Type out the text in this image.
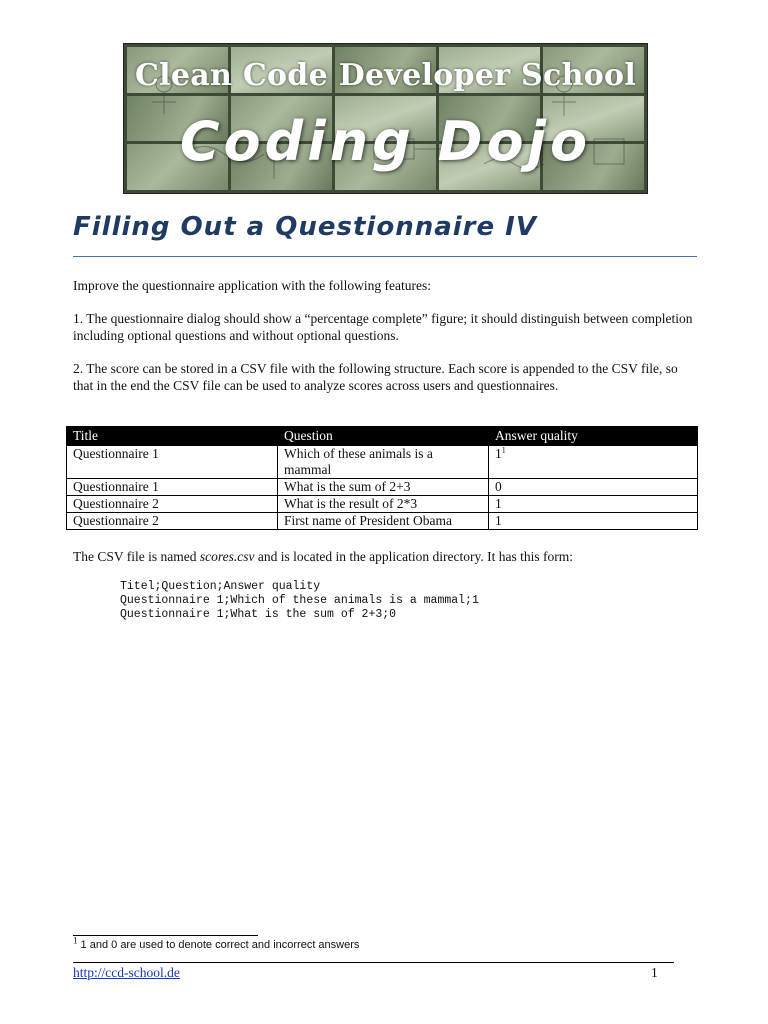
Clean Code Developer School
Coding Dojo
Filling Out a Questionnaire IV

Improve the questionnaire application with the following features:

1. The questionnaire dialog should show a “percentage complete” figure; it should distinguish between completion including optional questions and without optional questions.

2. The score can be stored in a CSV file with the following structure. Each score is appended to the CSV file, so that in the end the CSV file can be used to analyze scores across users and questionnaires.

Title	Question	Answer quality
Questionnaire 1	Which of these animals is a mammal	$1^1$
Questionnaire 1	What is the sum of 2+3	0
Questionnaire 2	What is the result of 2*3	1
Questionnaire 2	First name of President Obama	1

The CSV file is named scores.csv and is located in the application directory. It has this form:

Titel;Question;Answer quality
Questionnaire 1;Which of these animals is a mammal;1
Questionnaire 1;What is the sum of 2+3;0
$^1$ 1 and 0 are used to denote correct and incorrect answers
http://ccd-school.de	1
